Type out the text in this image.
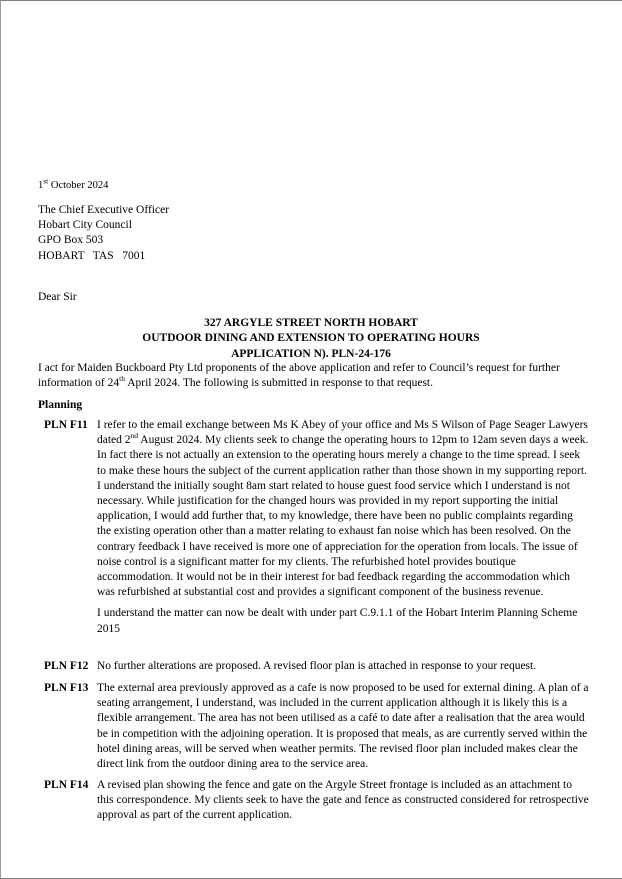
1st October 2024
The Chief Executive Officer
Hobart City Council
GPO Box 503
HOBART   TAS   7001
Dear Sir
327 ARGYLE STREET NORTH HOBART
OUTDOOR DINING AND EXTENSION TO OPERATING HOURS
APPLICATION N). PLN-24-176
I act for Maiden Buckboard Pty Ltd proponents of the above application and refer to Council’s request for further information of 24th April 2024. The following is submitted in response to that request.
Planning
PLN F11 I refer to the email exchange between Ms K Abey of your office and Ms S Wilson of Page Seager Lawyers dated 2nd August 2024. My clients seek to change the operating hours to 12pm to 12am seven days a week. In fact there is not actually an extension to the operating hours merely a change to the time spread. I seek to make these hours the subject of the current application rather than those shown in my supporting report. I understand the initially sought 8am start related to house guest food service which I understand is not necessary. While justification for the changed hours was provided in my report supporting the initial application, I would add further that, to my knowledge, there have been no public complaints regarding the existing operation other than a matter relating to exhaust fan noise which has been resolved. On the contrary feedback I have received is more one of appreciation for the operation from locals. The issue of noise control is a significant matter for my clients. The refurbished hotel provides boutique accommodation. It would not be in their interest for bad feedback regarding the accommodation which was refurbished at substantial cost and provides a significant component of the business revenue.

I understand the matter can now be dealt with under part C.9.1.1 of the Hobart Interim Planning Scheme 2015

PLN F12 No further alterations are proposed. A revised floor plan is attached in response to your request.

PLN F13 The external area previously approved as a cafe is now proposed to be used for external dining. A plan of a seating arrangement, I understand, was included in the current application although it is likely this is a flexible arrangement. The area has not been utilised as a café to date after a realisation that the area would be in competition with the adjoining operation. It is proposed that meals, as are currently served within the hotel dining areas, will be served when weather permits. The revised floor plan included makes clear the direct link from the outdoor dining area to the service area.

PLN F14 A revised plan showing the fence and gate on the Argyle Street frontage is included as an attachment to this correspondence. My clients seek to have the gate and fence as constructed considered for retrospective approval as part of the current application.
